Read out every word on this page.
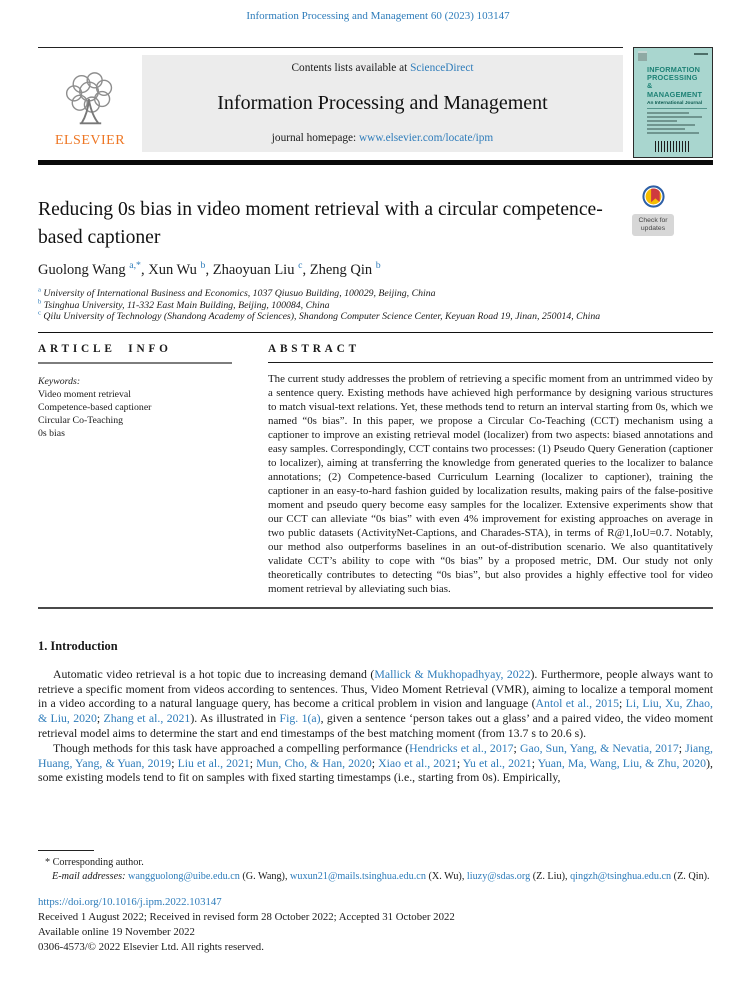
Information Processing and Management 60 (2023) 103147
ELSEVIER
Contents lists available at ScienceDirect
Information Processing and Management
journal homepage: www.elsevier.com/locate/ipm
INFORMATION
PROCESSING
&
MANAGEMENT
An International Journal
Check for updates
Reducing 0s bias in video moment retrieval with a circular competence-based captioner
Guolong Wang $^{a,*}$, Xun Wu $^b$, Zhaoyuan Liu $^c$, Zheng Qin $^b$
$^a$ University of International Business and Economics, 1037 Qiusuo Building, 100029, Beijing, China
$^b$ Tsinghua University, 11-332 East Main Building, Beijing, 100084, China
$^c$ Qilu University of Technology (Shandong Academy of Sciences), Shandong Computer Science Center, Keyuan Road 19, Jinan, 250014, China
ARTICLE INFO
Keywords:
Video moment retrieval
Competence-based captioner
Circular Co-Teaching
0s bias
ABSTRACT
The current study addresses the problem of retrieving a specific moment from an untrimmed video by a sentence query. Existing methods have achieved high performance by designing various structures to match visual-text relations. Yet, these methods tend to return an interval starting from 0s, which we named “0s bias”. In this paper, we propose a Circular Co-Teaching (CCT) mechanism using a captioner to improve an existing retrieval model (localizer) from two aspects: biased annotations and easy samples. Correspondingly, CCT contains two processes: (1) Pseudo Query Generation (captioner to localizer), aiming at transferring the knowledge from generated queries to the localizer to balance annotations; (2) Competence-based Curriculum Learning (localizer to captioner), training the captioner in an easy-to-hard fashion guided by localization results, making pairs of the false-positive moment and pseudo query become easy samples for the localizer. Extensive experiments show that our CCT can alleviate “0s bias” with even 4% improvement for existing approaches on average in two public datasets (ActivityNet-Captions, and Charades-STA), in terms of R@1,IoU=0.7. Notably, our method also outperforms baselines in an out-of-distribution scenario. We also quantitatively validate CCT’s ability to cope with “0s bias” by a proposed metric, DM. Our study not only theoretically contributes to detecting “0s bias”, but also provides a highly effective tool for video moment retrieval by alleviating such bias.
1. Introduction

Automatic video retrieval is a hot topic due to increasing demand (Mallick & Mukhopadhyay, 2022). Furthermore, people always want to retrieve a specific moment from videos according to sentences. Thus, Video Moment Retrieval (VMR), aiming to localize a temporal moment in a video according to a natural language query, has become a critical problem in vision and language (Antol et al., 2015; Li, Liu, Xu, Zhao, & Liu, 2020; Zhang et al., 2021). As illustrated in Fig. 1(a), given a sentence ‘person takes out a glass’ and a paired video, the video moment retrieval model aims to determine the start and end timestamps of the best matching moment (from 13.7 s to 20.6 s).

Though methods for this task have approached a compelling performance (Hendricks et al., 2017; Gao, Sun, Yang, & Nevatia, 2017; Jiang, Huang, Yang, & Yuan, 2019; Liu et al., 2021; Mun, Cho, & Han, 2020; Xiao et al., 2021; Yu et al., 2021; Yuan, Ma, Wang, Liu, & Zhu, 2020), some existing models tend to fit on samples with fixed starting timestamps (i.e., starting from 0s). Empirically,

* Corresponding author.
E-mail addresses: wangguolong@uibe.edu.cn (G. Wang), wuxun21@mails.tsinghua.edu.cn (X. Wu), liuzy@sdas.org (Z. Liu), qingzh@tsinghua.edu.cn (Z. Qin).
https://doi.org/10.1016/j.ipm.2022.103147
Received 1 August 2022; Received in revised form 28 October 2022; Accepted 31 October 2022
Available online 19 November 2022
0306-4573/© 2022 Elsevier Ltd. All rights reserved.
